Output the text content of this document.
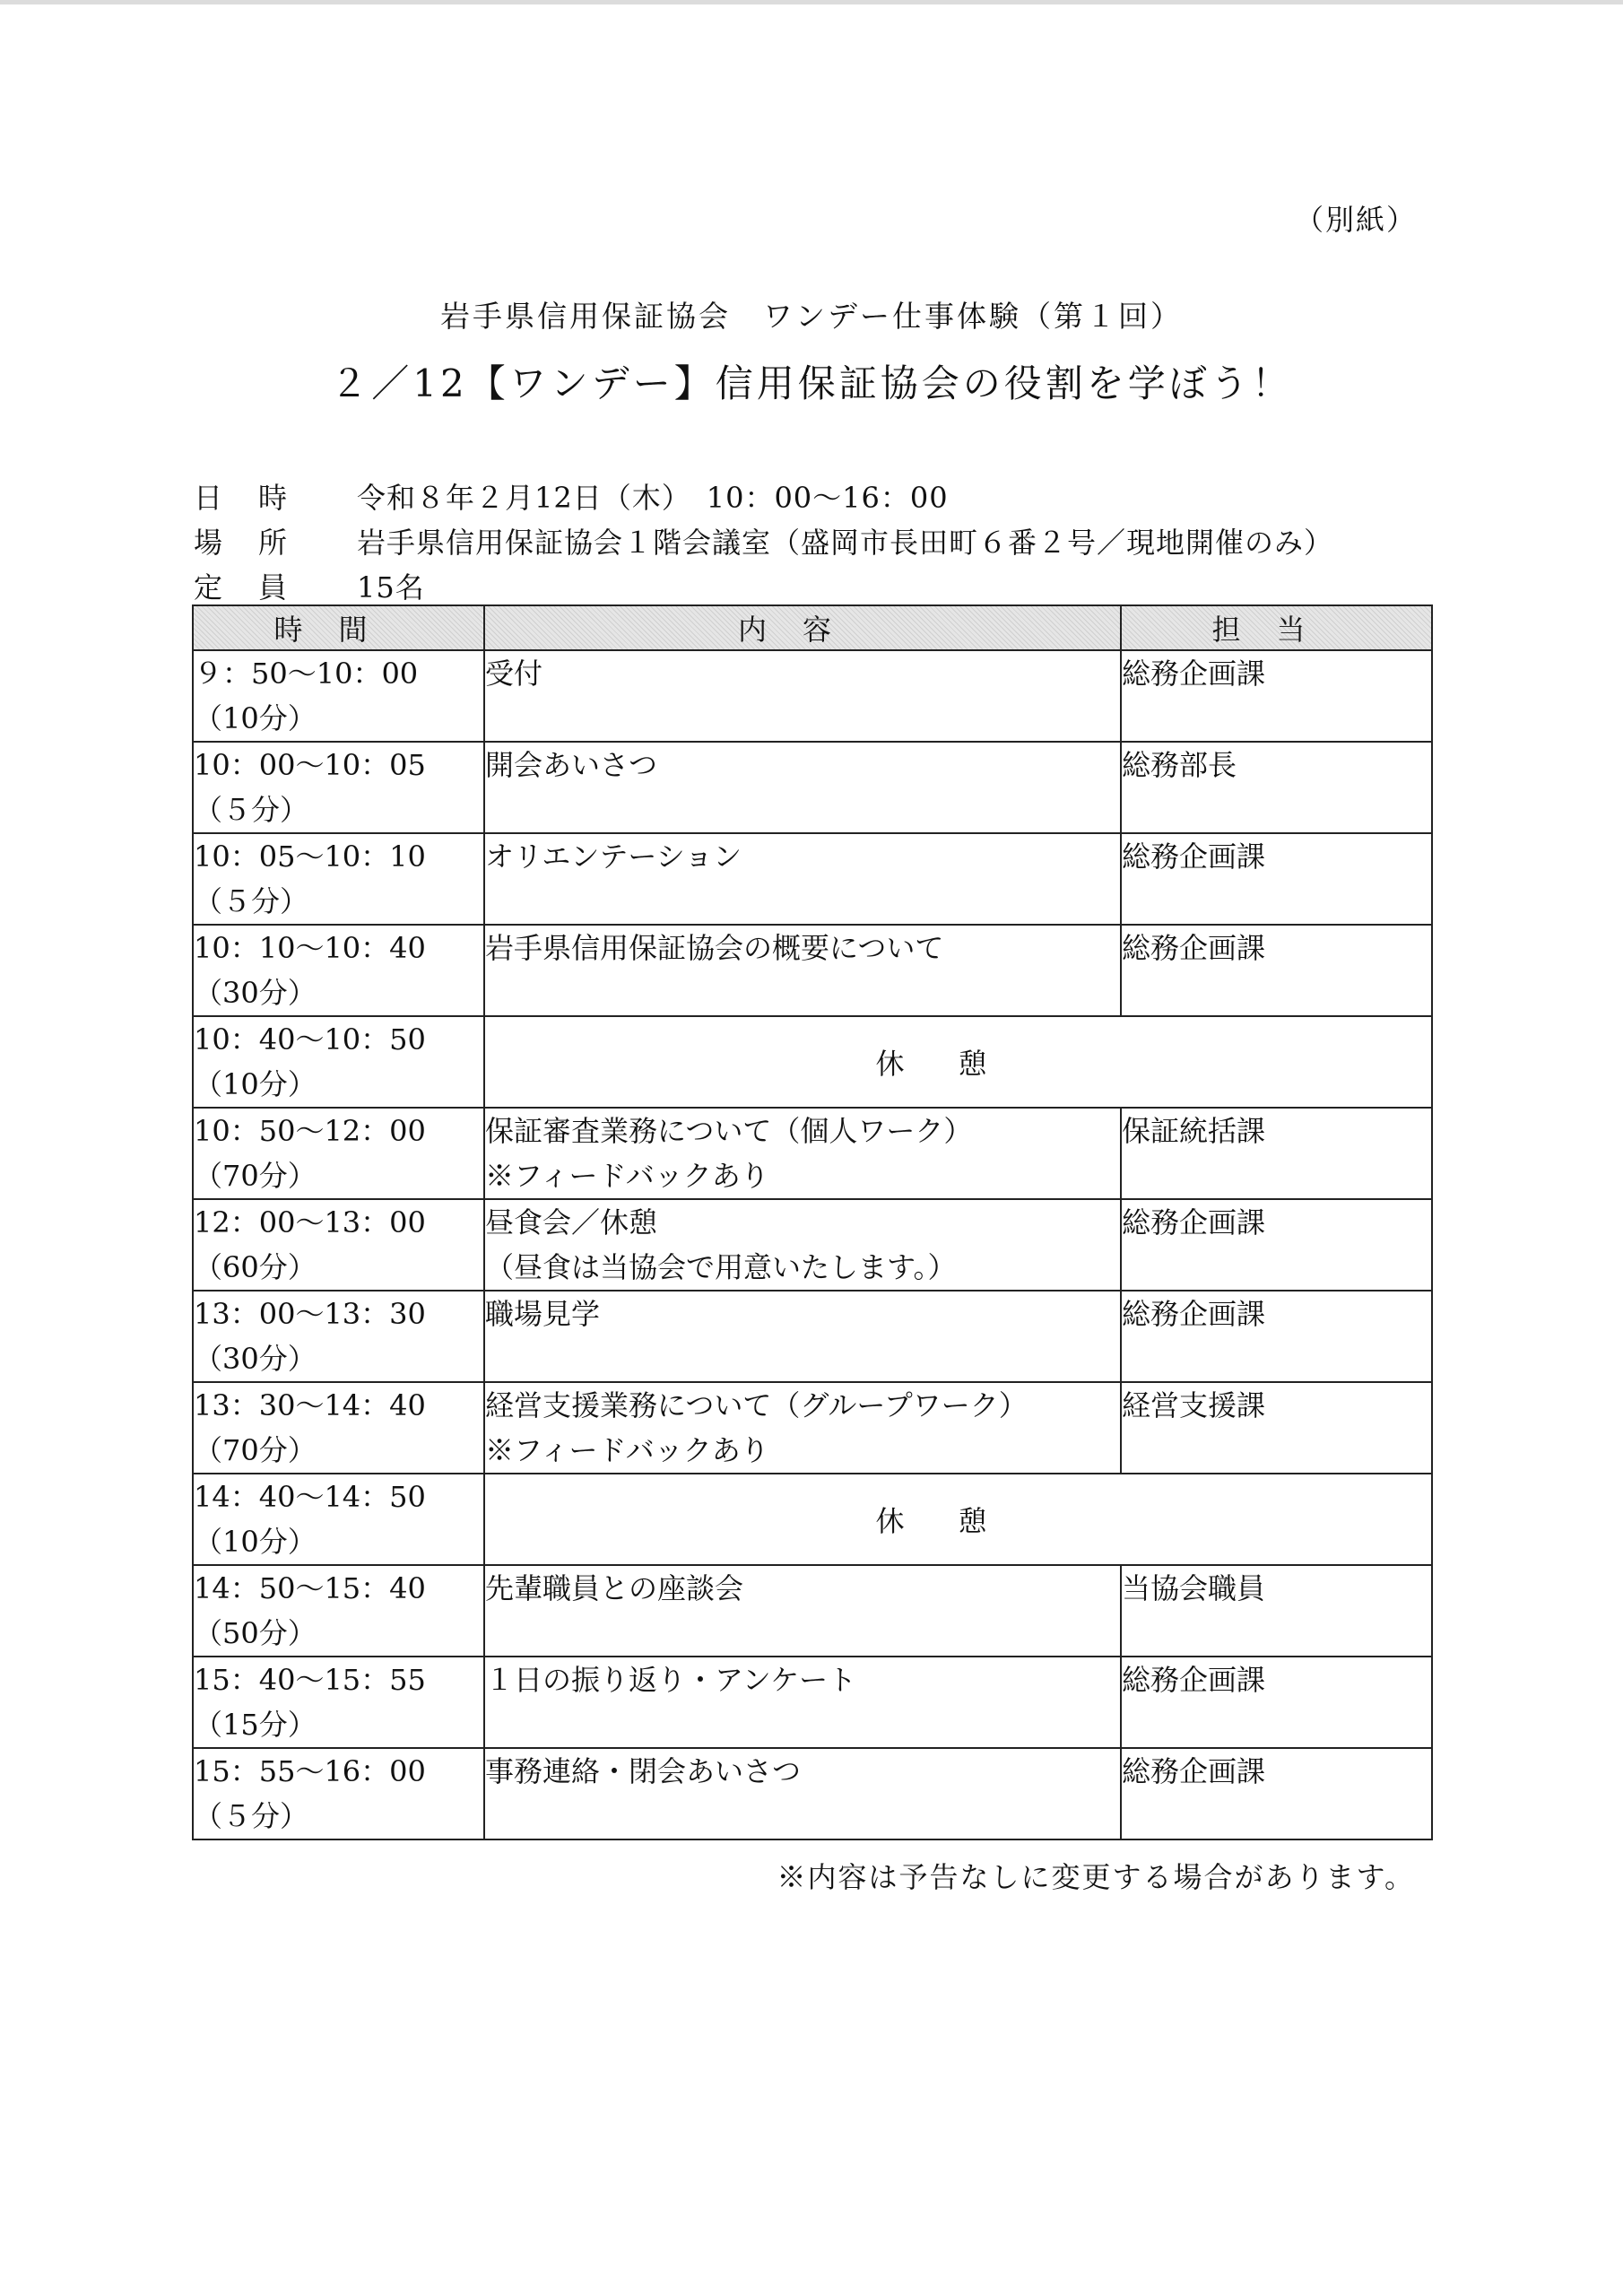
（別紙）
岩手県信用保証協会　ワンデー仕事体験（第１回）
２／12【ワンデー】信用保証協会の役割を学ぼう！
日　時	令和８年２月12日（木）　10：00～16：00
場　所	岩手県信用保証協会１階会議室（盛岡市長田町６番２号／現地開催のみ）
定　員	15名
時間	内容	担当

９：50～10：00
（10分）	受付	総務企画課

10：00～10：05
（５分）	開会あいさつ	総務部長

10：05～10：10
（５分）	オリエンテーション	総務企画課

10：10～10：40
（30分）	岩手県信用保証協会の概要について	総務企画課

10：40～10：50
（10分）	休憩	

10：50～12：00
（70分）	保証審査業務について（個人ワーク）
※フィードバックあり	保証統括課

12：00～13：00
（60分）	昼食会／休憩
（昼食は当協会で用意いたします。）	総務企画課

13：00～13：30
（30分）	職場見学	総務企画課

13：30～14：40
（70分）	経営支援業務について（グループワーク）
※フィードバックあり	経営支援課

14：40～14：50
（10分）	休憩	

14：50～15：40
（50分）	先輩職員との座談会	当協会職員

15：40～15：55
（15分）	１日の振り返り・アンケート	総務企画課

15：55～16：00
（５分）	事務連絡・閉会あいさつ	総務企画課
※内容は予告なしに変更する場合があります。
